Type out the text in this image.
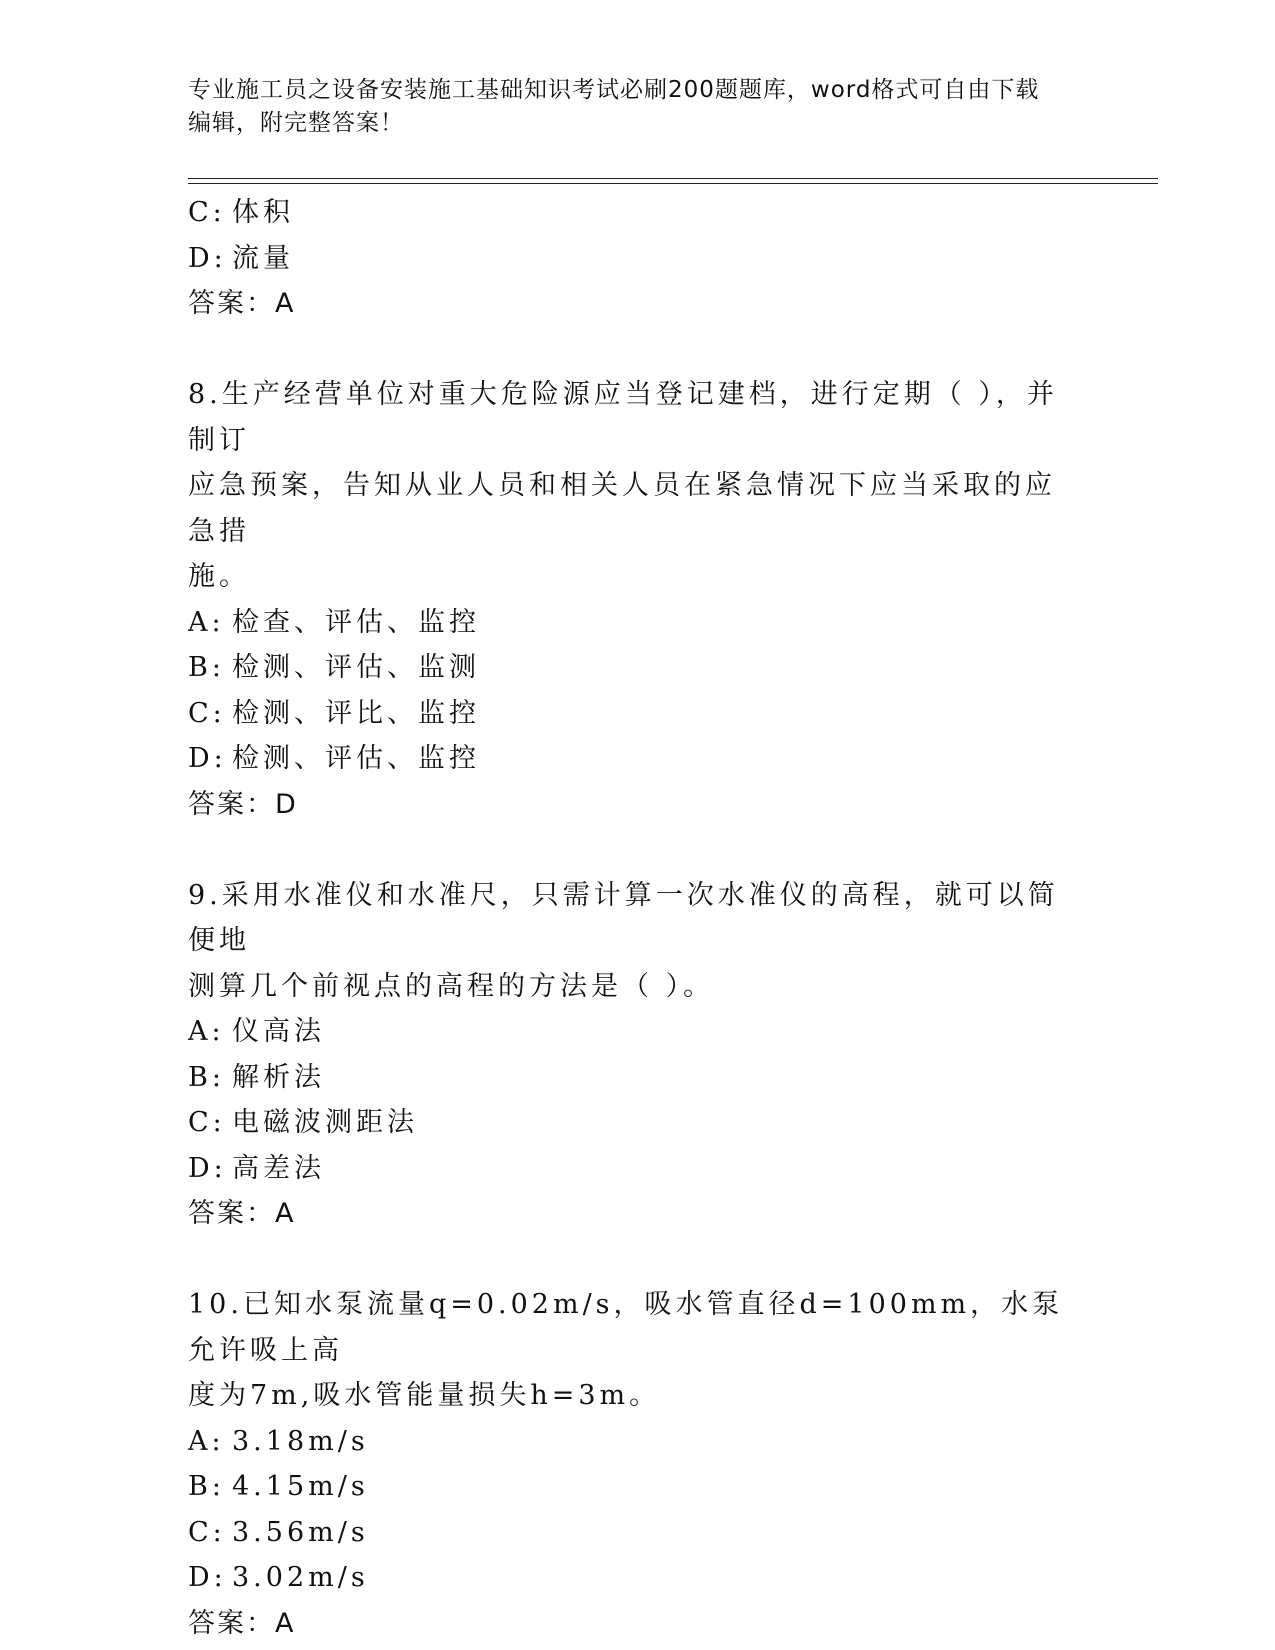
专业施工员之设备安装施工基础知识考试必刷200题题库，word格式可自由下载
编辑，附完整答案！
C: 体积
D: 流量
答案：A
8.生产经营单位对重大危险源应当登记建档，进行定期（ ），并制订
应急预案，告知从业人员和相关人员在紧急情况下应当采取的应急措
施。
A: 检查、评估、监控
B: 检测、评估、监测
C: 检测、评比、监控
D: 检测、评估、监控
答案：D
9.采用水准仪和水准尺，只需计算一次水准仪的高程，就可以简便地
测算几个前视点的高程的方法是（ ）。
A: 仪高法
B: 解析法
C: 电磁波测距法
D: 高差法
答案：A
10.已知水泵流量q=0.02m/s，吸水管直径d=100mm，水泵允许吸上高
度为7m,吸水管能量损失h=3m。
A: 3.18m/s
B: 4.15m/s
C: 3.56m/s
D: 3.02m/s
答案：A
